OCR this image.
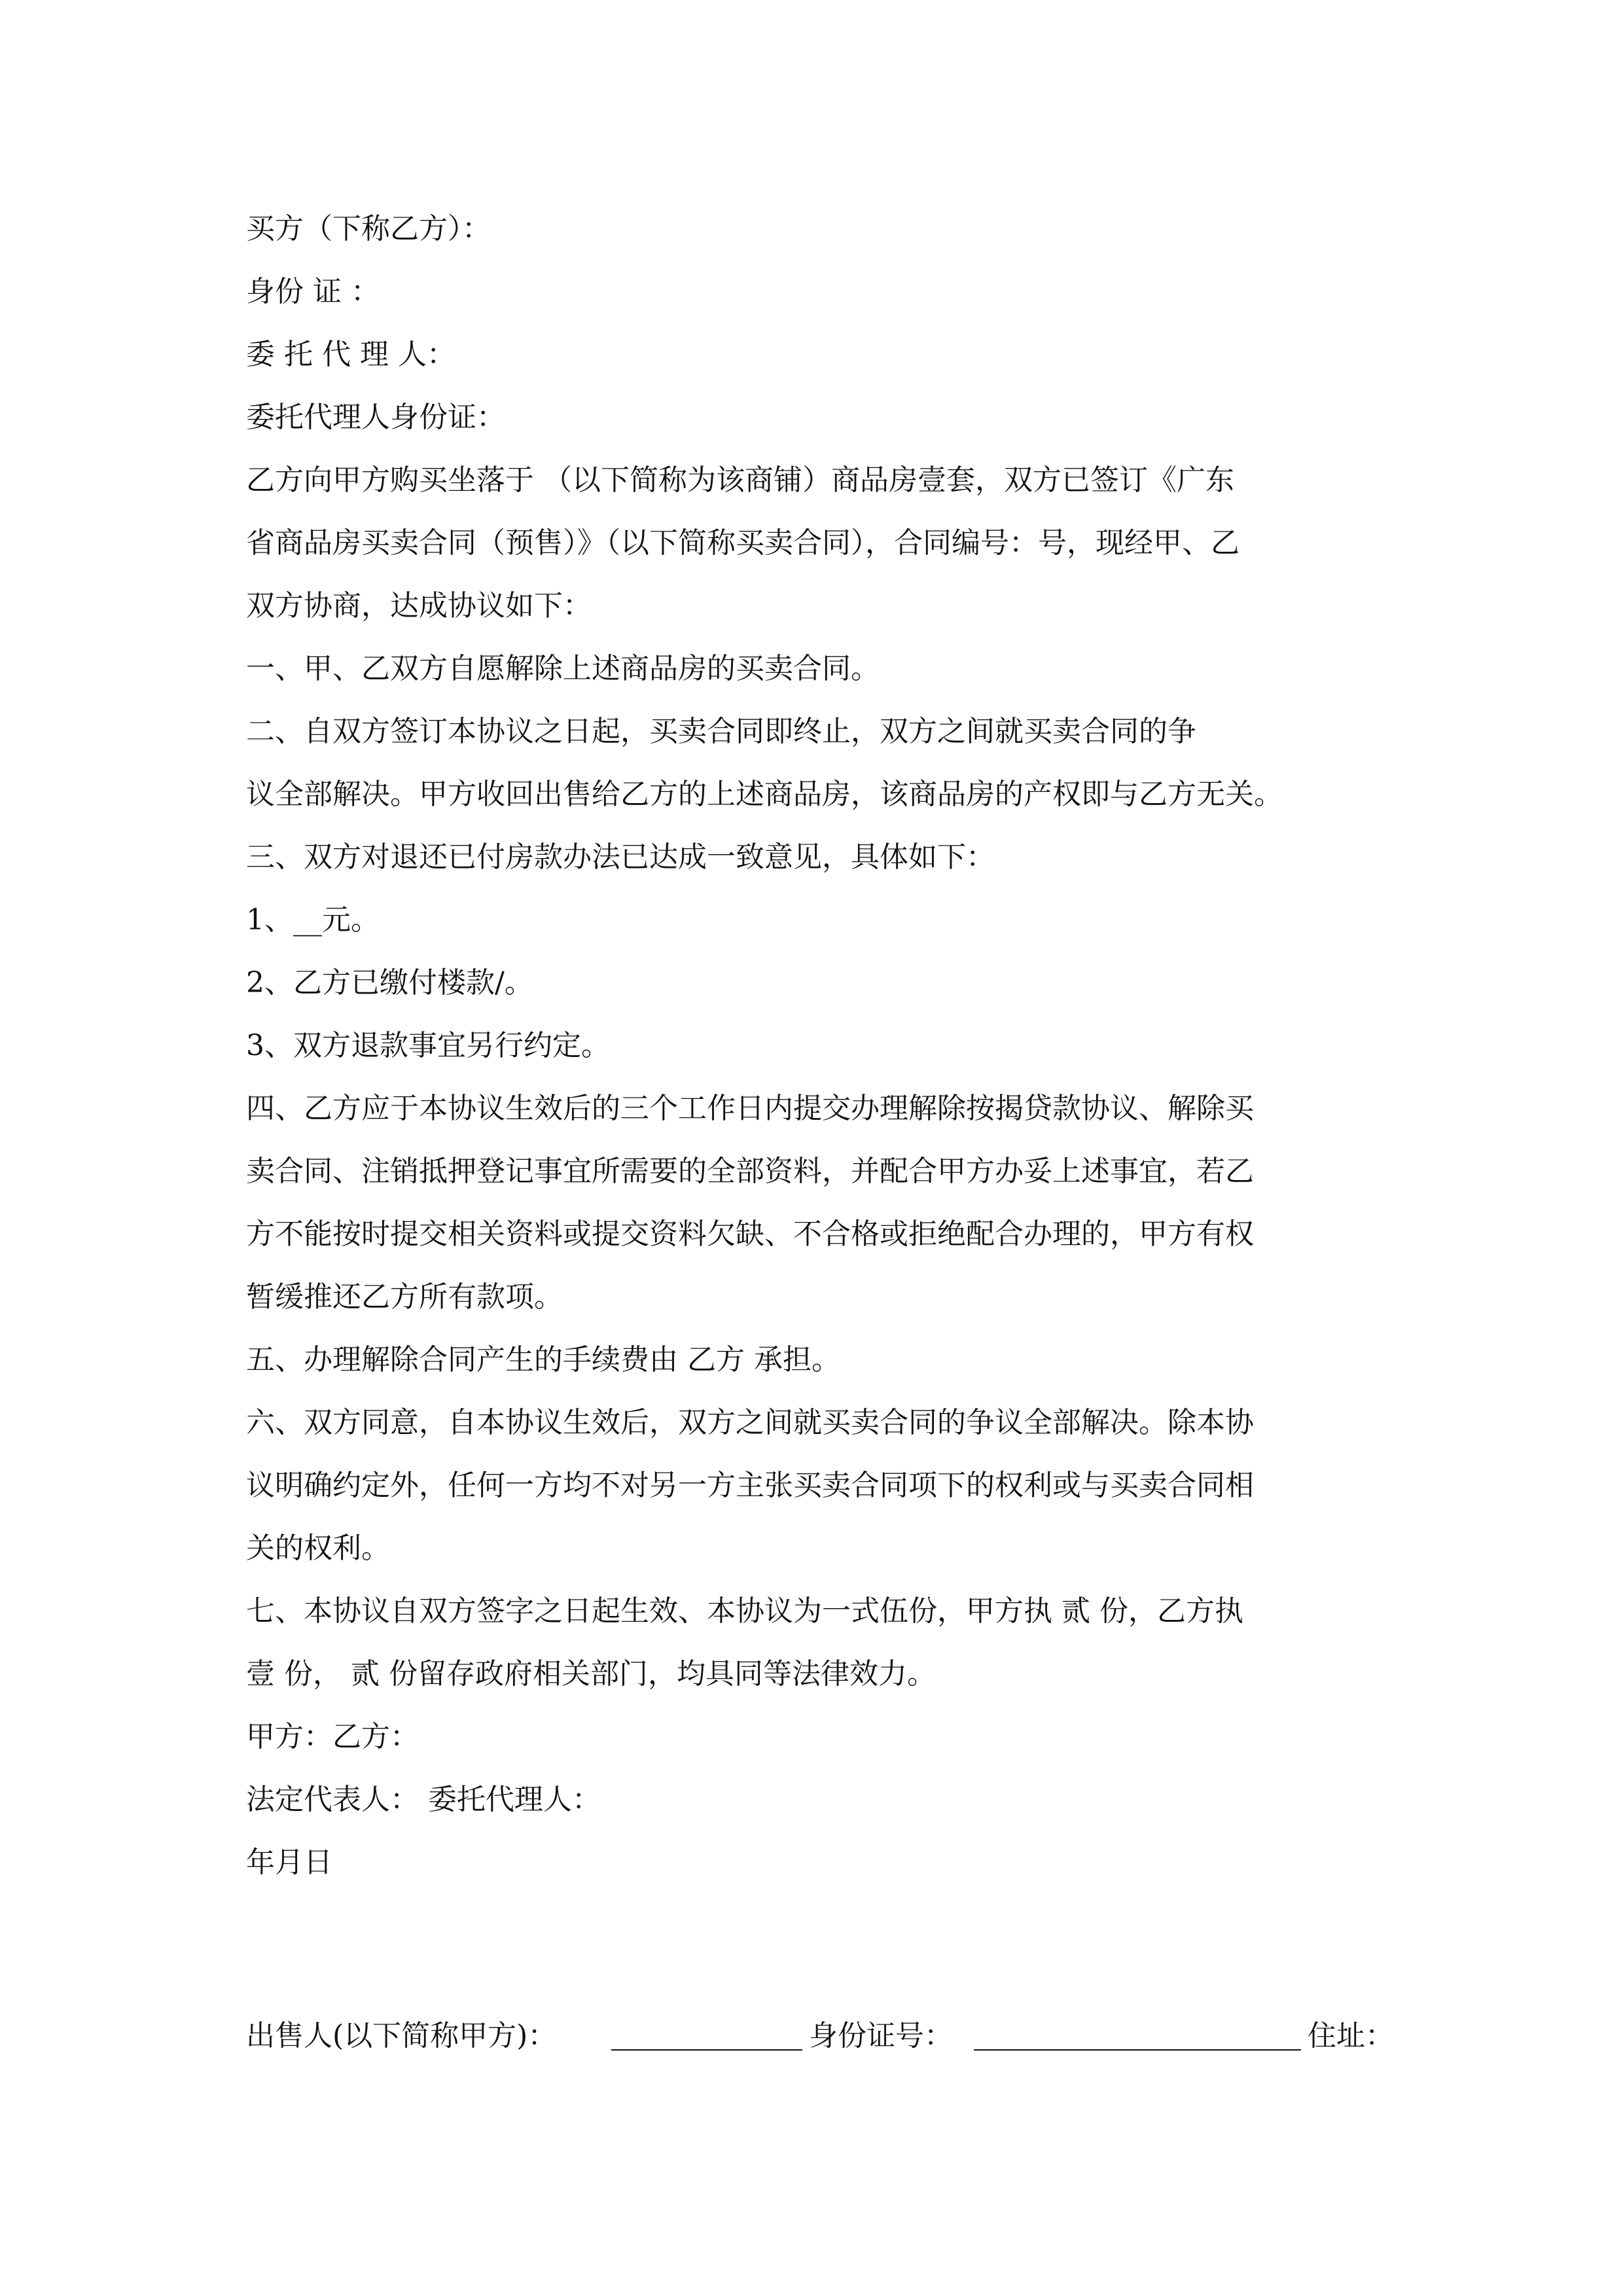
买方（下称乙方）：
身份 证 ：
委 托 代 理 人：
委托代理人身份证：
乙方向甲方购买坐落于 （以下简称为该商铺）商品房壹套，双方已签订《广东
省商品房买卖合同（预售）》（以下简称买卖合同），合同编号：号，现经甲、乙
双方协商，达成协议如下：
一、甲、乙双方自愿解除上述商品房的买卖合同。
二、自双方签订本协议之日起，买卖合同即终止，双方之间就买卖合同的争
议全部解决。甲方收回出售给乙方的上述商品房，该商品房的产权即与乙方无关。
三、双方对退还已付房款办法已达成一致意见，具体如下：
1、__元。
2、乙方已缴付楼款/。
3、双方退款事宜另行约定。
四、乙方应于本协议生效后的三个工作日内提交办理解除按揭贷款协议、解除买
卖合同、注销抵押登记事宜所需要的全部资料，并配合甲方办妥上述事宜，若乙
方不能按时提交相关资料或提交资料欠缺、不合格或拒绝配合办理的，甲方有权
暂缓推还乙方所有款项。
五、办理解除合同产生的手续费由 乙方 承担。
六、双方同意，自本协议生效后，双方之间就买卖合同的争议全部解决。除本协
议明确约定外，任何一方均不对另一方主张买卖合同项下的权利或与买卖合同相
关的权利。
七、本协议自双方签字之日起生效、本协议为一式伍份，甲方执 贰 份，乙方执
壹 份， 贰 份留存政府相关部门，均具同等法律效力。
甲方：乙方：
法定代表人： 委托代理人：
年月日
出售人(以下简称甲方)：	身份证号：	住址：
